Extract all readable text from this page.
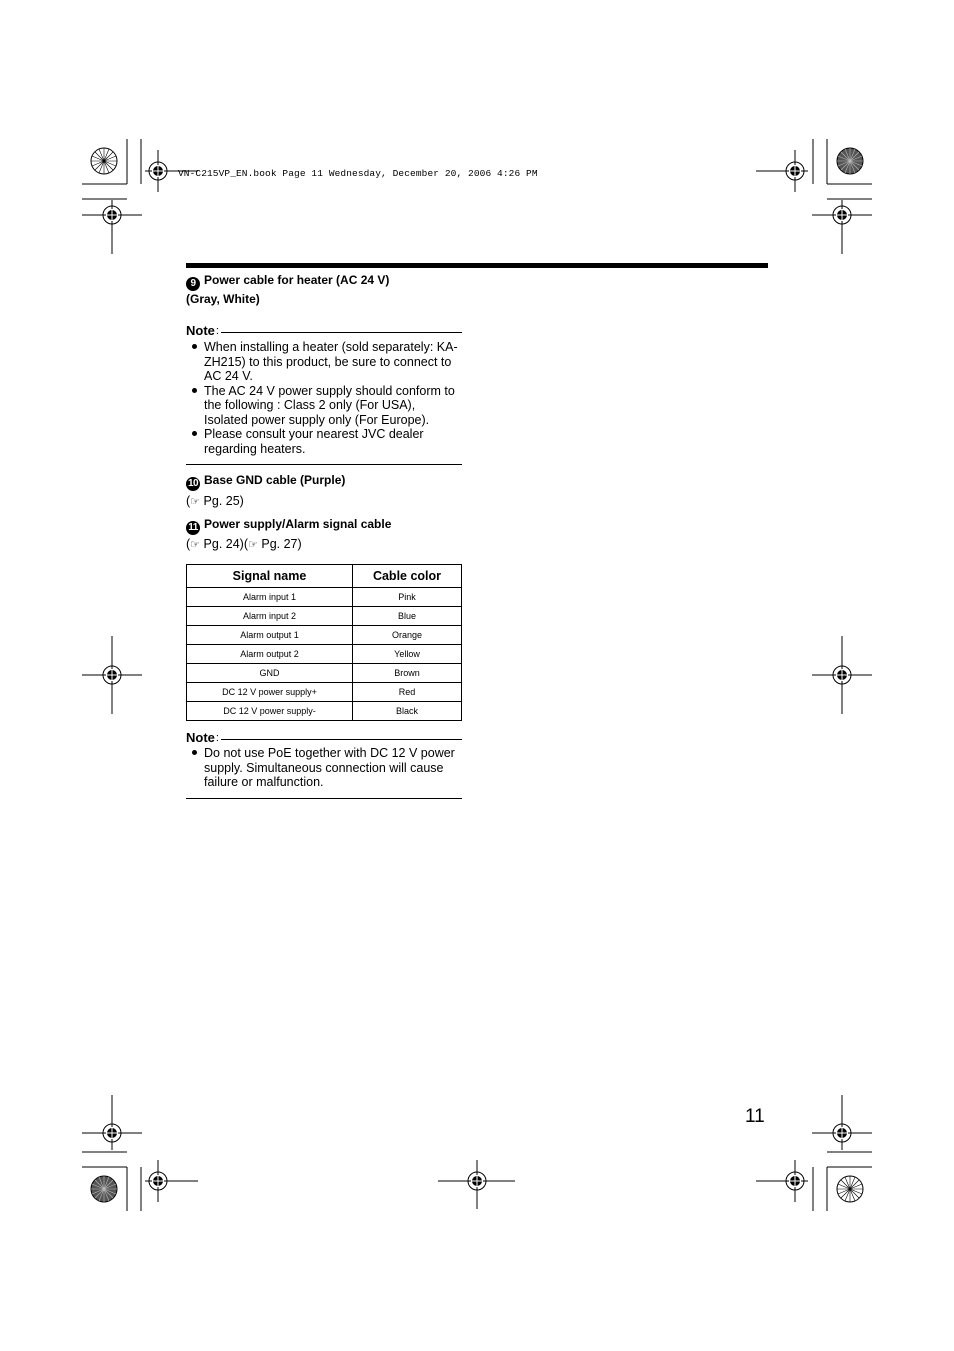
VN-C215VP_EN.book Page 11 Wednesday, December 20, 2006 4:26 PM
9 Power cable for heater (AC 24 V)
(Gray, White)
Note :
When installing a heater (sold separately: KA-ZH215) to this product, be sure to connect to AC 24 V.
The AC 24 V power supply should conform to the following : Class 2 only (For USA), Isolated power supply only (For Europe).
Please consult your nearest JVC dealer regarding heaters.
10 Base GND cable (Purple)
(☞ Pg. 25)
11 Power supply/Alarm signal cable
(☞ Pg. 24)(☞ Pg. 27)
Signal name	Cable color
Alarm input 1	Pink
Alarm input 2	Blue
Alarm output 1	Orange
Alarm output 2	Yellow
GND	Brown
DC 12 V power supply+	Red
DC 12 V power supply-	Black
Note :
Do not use PoE together with DC 12 V power supply. Simultaneous connection will cause failure or malfunction.
11
